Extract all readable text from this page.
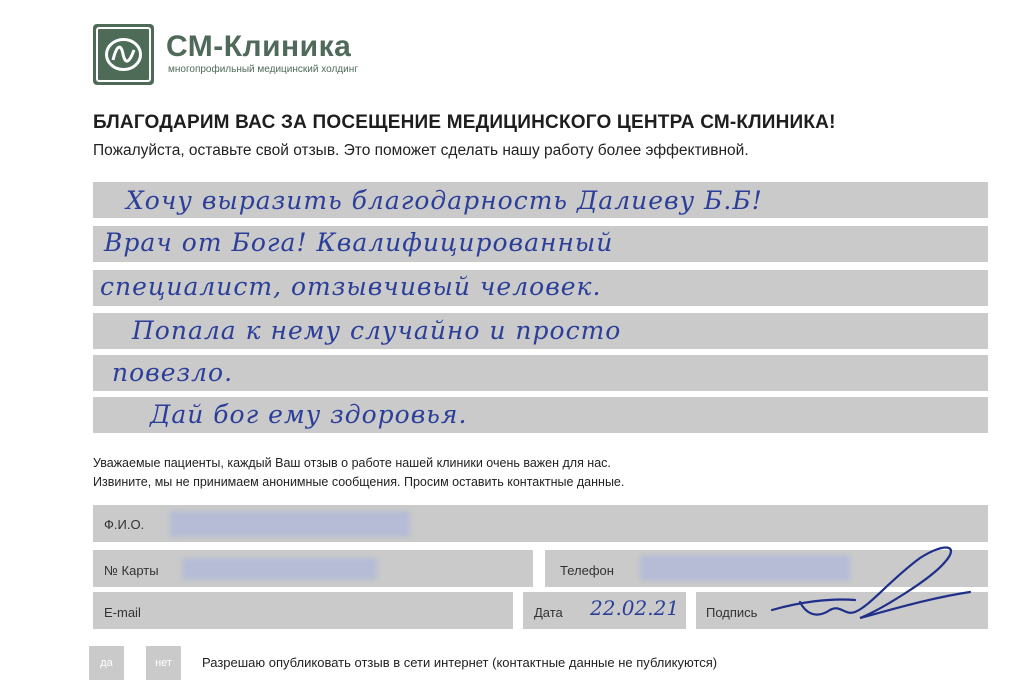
СМ-Клиника
многопрофильный медицинский холдинг
БЛАГОДАРИМ ВАС ЗА ПОСЕЩЕНИЕ МЕДИЦИНСКОГО ЦЕНТРА СМ-КЛИНИКА!
Пожалуйста, оставьте свой отзыв. Это поможет сделать нашу работу более эффективной.
Хочу выразить благодарность Далиеву Б.Б!
Врач от Бога! Квалифицированный
специалист, отзывчивый человек.
Попала к нему случайно и просто
повезло.
Дай бог ему здоровья.
Уважаемые пациенты, каждый Ваш отзыв о работе нашей клиники очень важен для нас.
Извините, мы не принимаем анонимные сообщения. Просим оставить контактные данные.
Ф.И.О.
№ Карты	Телефон
E-mail	Дата 22.02.21 Подпись
да	нет	Разрешаю опубликовать отзыв в сети интернет (контактные данные не публикуются)
